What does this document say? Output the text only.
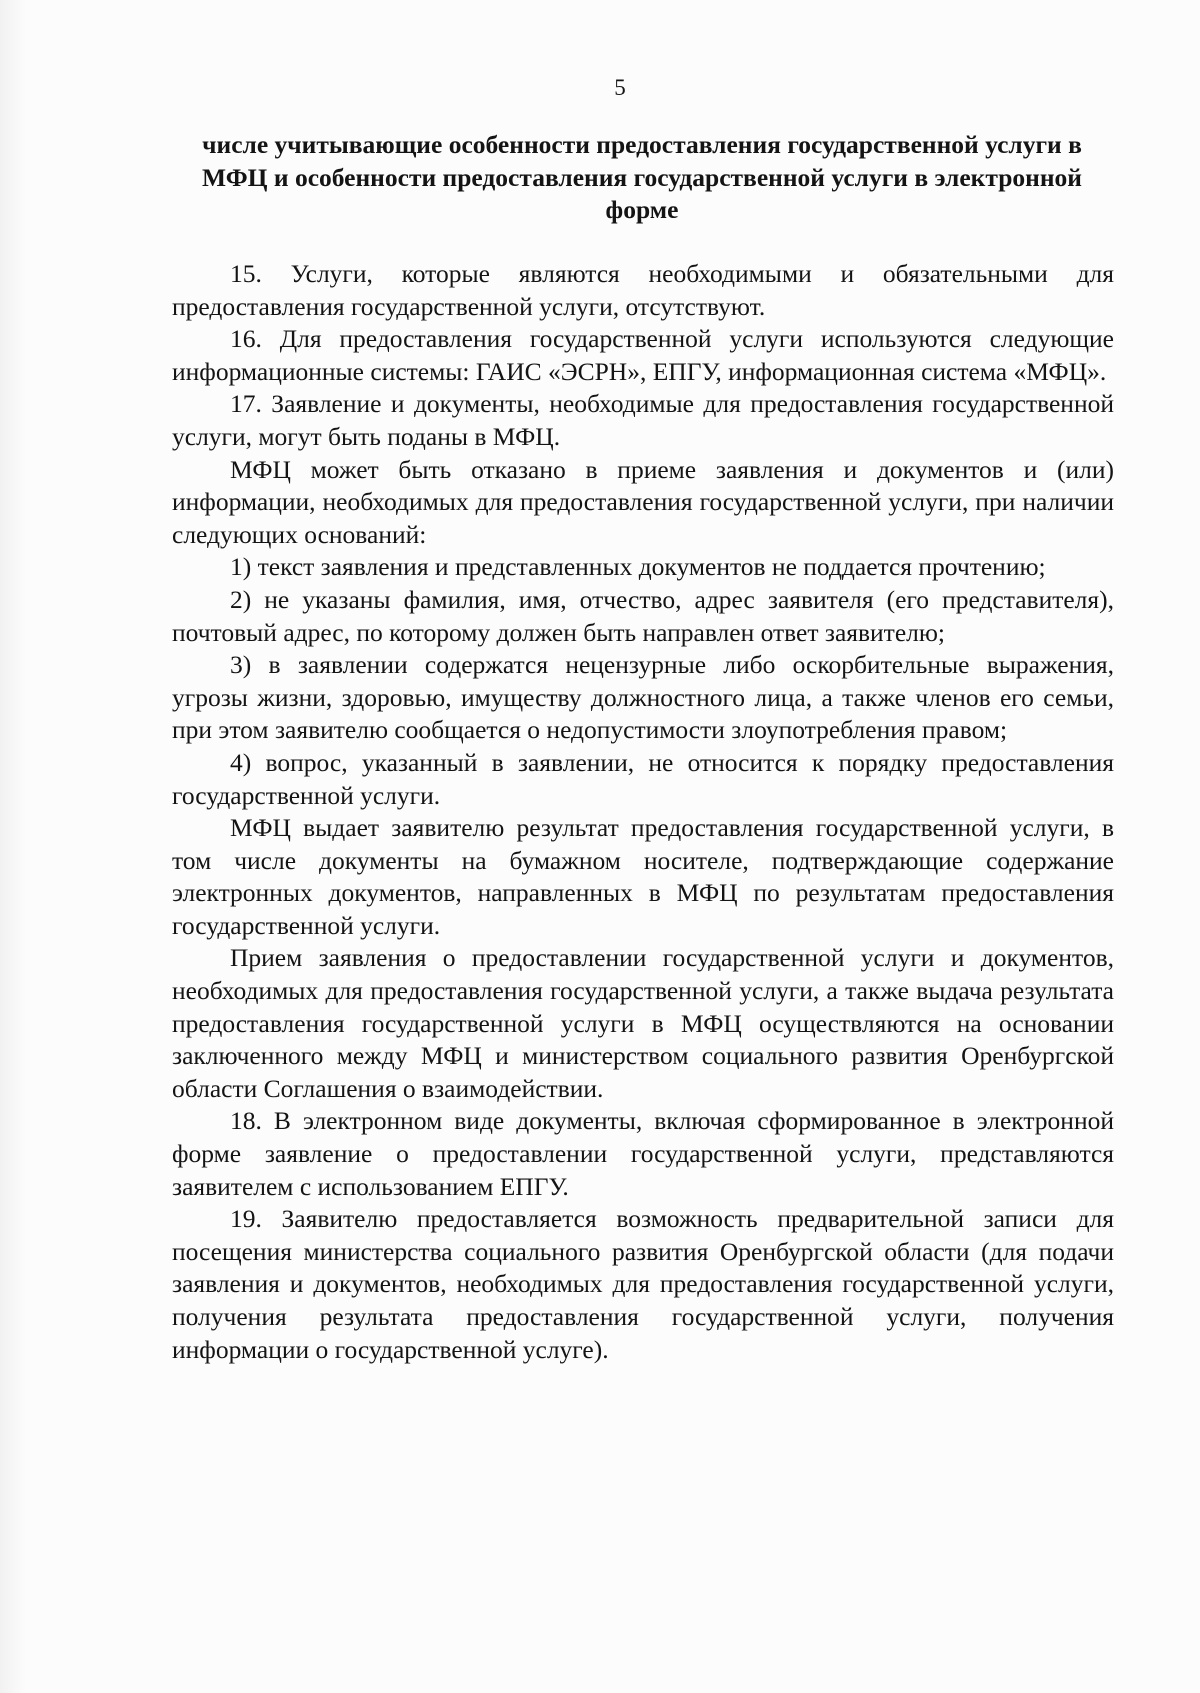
5
числе учитывающие особенности предоставления государственной услуги в МФЦ и особенности предоставления государственной услуги в электронной форме

15. Услуги, которые являются необходимыми и обязательными для предоставления государственной услуги, отсутствуют.

16. Для предоставления государственной услуги используются следующие информационные системы: ГАИС «ЭСРН», ЕПГУ, информационная система «МФЦ».

17. Заявление и документы, необходимые для предоставления государственной услуги, могут быть поданы в МФЦ.

МФЦ может быть отказано в приеме заявления и документов и (или) информации, необходимых для предоставления государственной услуги, при наличии следующих оснований:

1) текст заявления и представленных документов не поддается прочтению;

2) не указаны фамилия, имя, отчество, адрес заявителя (его представителя), почтовый адрес, по которому должен быть направлен ответ заявителю;

3) в заявлении содержатся нецензурные либо оскорбительные выражения, угрозы жизни, здоровью, имуществу должностного лица, а также членов его семьи, при этом заявителю сообщается о недопустимости злоупотребления правом;

4) вопрос, указанный в заявлении, не относится к порядку предоставления государственной услуги.

МФЦ выдает заявителю результат предоставления государственной услуги, в том числе документы на бумажном носителе, подтверждающие содержание электронных документов, направленных в МФЦ по результатам предоставления государственной услуги.

Прием заявления о предоставлении государственной услуги и документов, необходимых для предоставления государственной услуги, а также выдача результата предоставления государственной услуги в МФЦ осуществляются на основании заключенного между МФЦ и министерством социального развития Оренбургской области Соглашения о взаимодействии.

18. В электронном виде документы, включая сформированное в электронной форме заявление о предоставлении государственной услуги, представляются заявителем с использованием ЕПГУ.

19. Заявителю предоставляется возможность предварительной записи для посещения министерства социального развития Оренбургской области (для подачи заявления и документов, необходимых для предоставления государственной услуги, получения результата предоставления государственной услуги, получения информации о государственной услуге).
